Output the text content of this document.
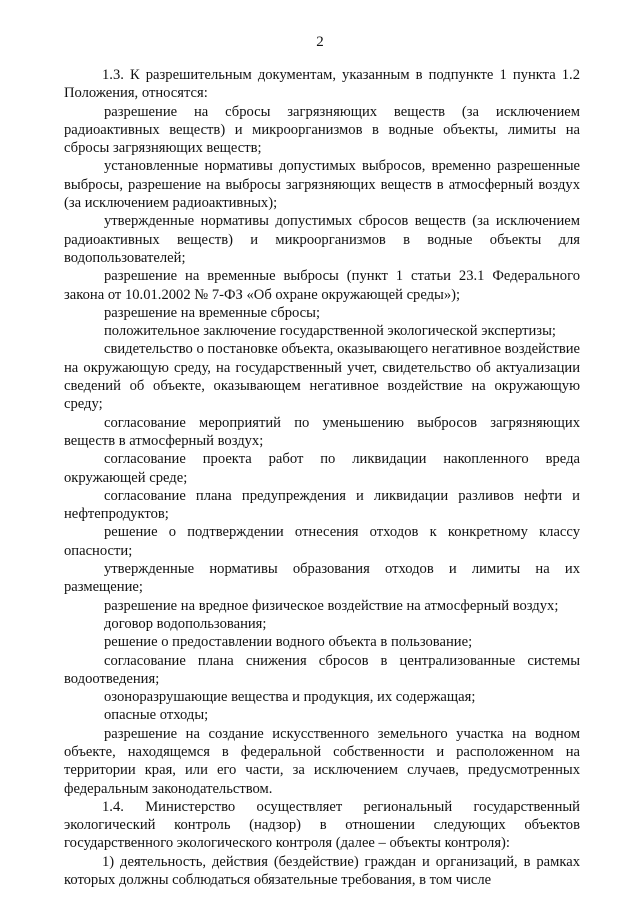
2

1.3. К разрешительным документам, указанным в подпункте 1 пункта 1.2 Положения, относятся:

разрешение на сбросы загрязняющих веществ (за исключением радиоактивных веществ) и микроорганизмов в водные объекты, лимиты на сбросы загрязняющих веществ;

установленные нормативы допустимых выбросов, временно разрешенные выбросы, разрешение на выбросы загрязняющих веществ в атмосферный воздух (за исключением радиоактивных);

утвержденные нормативы допустимых сбросов веществ (за исключением радиоактивных веществ) и микроорганизмов в водные объекты для водопользователей;

разрешение на временные выбросы (пункт 1 статьи 23.1 Федерального закона от 10.01.2002 № 7-ФЗ «Об охране окружающей среды»);

разрешение на временные сбросы;

положительное заключение государственной экологической экспертизы;

свидетельство о постановке объекта, оказывающего негативное воздействие на окружающую среду, на государственный учет, свидетельство об актуализации сведений об объекте, оказывающем негативное воздействие на окружающую среду;

согласование мероприятий по уменьшению выбросов загрязняющих веществ в атмосферный воздух;

согласование проекта работ по ликвидации накопленного вреда окружающей среде;

согласование плана предупреждения и ликвидации разливов нефти и нефтепродуктов;

решение о подтверждении отнесения отходов к конкретному классу опасности;

утвержденные нормативы образования отходов и лимиты на их размещение;

разрешение на вредное физическое воздействие на атмосферный воздух;

договор водопользования;

решение о предоставлении водного объекта в пользование;

согласование плана снижения сбросов в централизованные системы водоотведения;

озоноразрушающие вещества и продукция, их содержащая;

опасные отходы;

разрешение на создание искусственного земельного участка на водном объекте, находящемся в федеральной собственности и расположенном на территории края, или его части, за исключением случаев, предусмотренных федеральным законодательством.

1.4. Министерство осуществляет региональный государственный экологический контроль (надзор) в отношении следующих объектов государственного экологического контроля (далее – объекты контроля):

1) деятельность, действия (бездействие) граждан и организаций, в рамках которых должны соблюдаться обязательные требования, в том числе
